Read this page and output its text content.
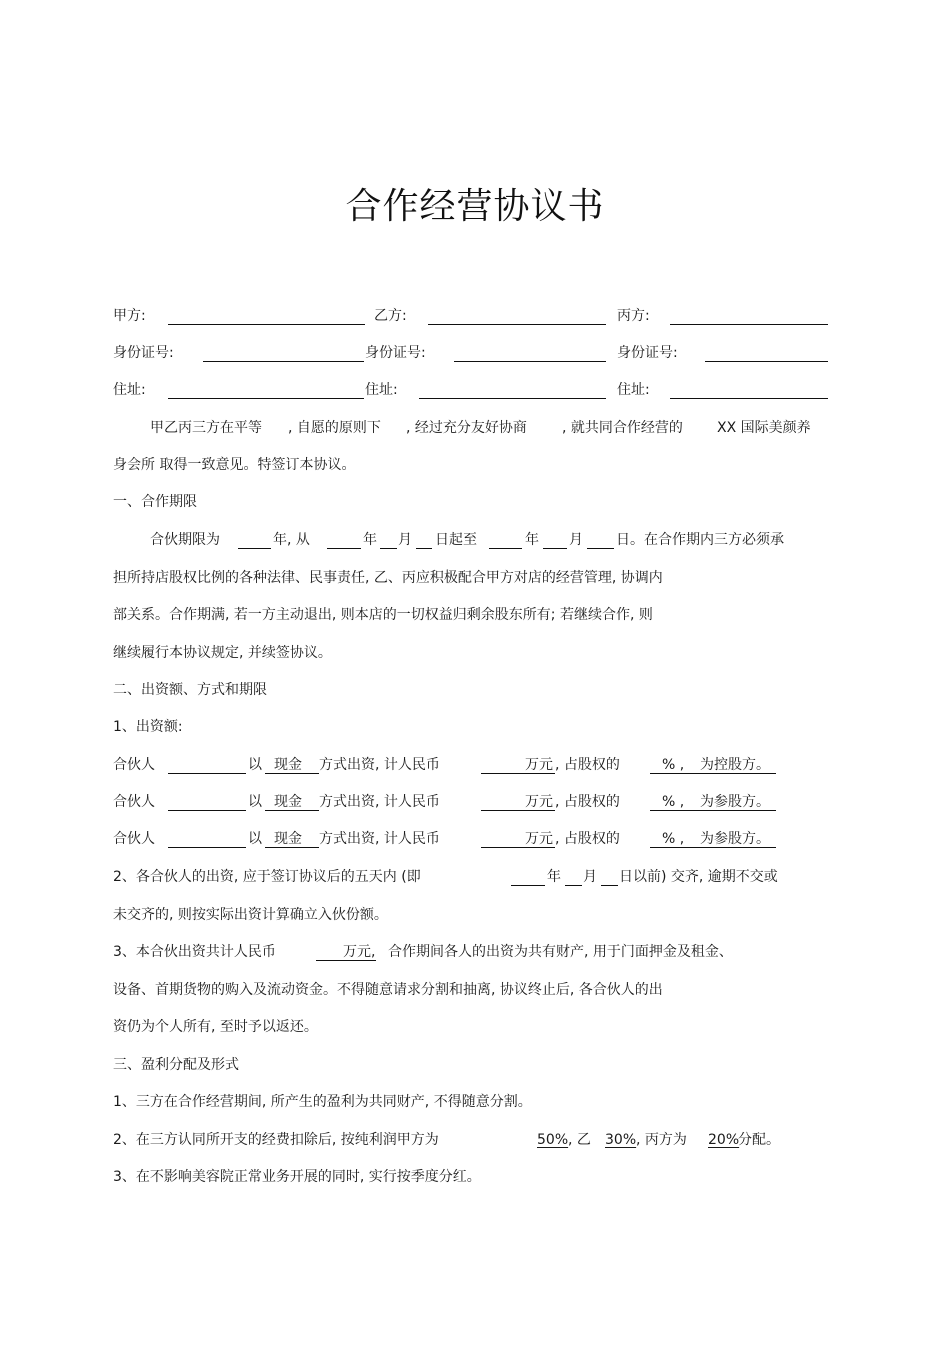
合作经营协议书
甲方:	乙方:	丙方:
身份证号:	身份证号:	身份证号:
住址:	住址:	住址:
甲乙丙三方在平等 , 自愿的原则下 , 经过充分友好协商	, 就共同合作经营的 XX 国际美颜养
身会所 取得一致意见。特签订本协议。
一、合作期限
合伙期限为	年, 从	年 月 日起至	年 月 日。在合作期内三方必须承
担所持店股权比例的各种法律、民事责任, 乙、丙应积极配合甲方对店的经营管理, 协调内
部关系。合作期满, 若一方主动退出, 则本店的一切权益归剩余股东所有; 若继续合作, 则
继续履行本协议规定, 并续签协议。
二、出资额、方式和期限
1、出资额:
合伙人	以 现金 方式出资, 计人民币	万元 , 占股权的	% , 为控股方。
合伙人	以 现金 方式出资, 计人民币	万元 , 占股权的	% , 为参股方。
合伙人	以 现金 方式出资, 计人民币	万元 , 占股权的	% , 为参股方。
2、各合伙人的出资, 应于签订协议后的五天内 (即	年 月 日以前) 交齐, 逾期不交或
未交齐的, 则按实际出资计算确立入伙份额。
3、本合伙出资共计人民币	万元, 合作期间各人的出资为共有财产, 用于门面押金及租金、
设备、首期货物的购入及流动资金。不得随意请求分割和抽离, 协议终止后, 各合伙人的出
资仍为个人所有, 至时予以返还。
三、盈利分配及形式
1、三方在合作经营期间, 所产生的盈利为共同财产, 不得随意分割。
2、在三方认同所开支的经费扣除后, 按纯利润甲方为	50% , 乙 30% , 丙方为 20%
分配。
3、在不影响美容院正常业务开展的同时, 实行按季度分红。
